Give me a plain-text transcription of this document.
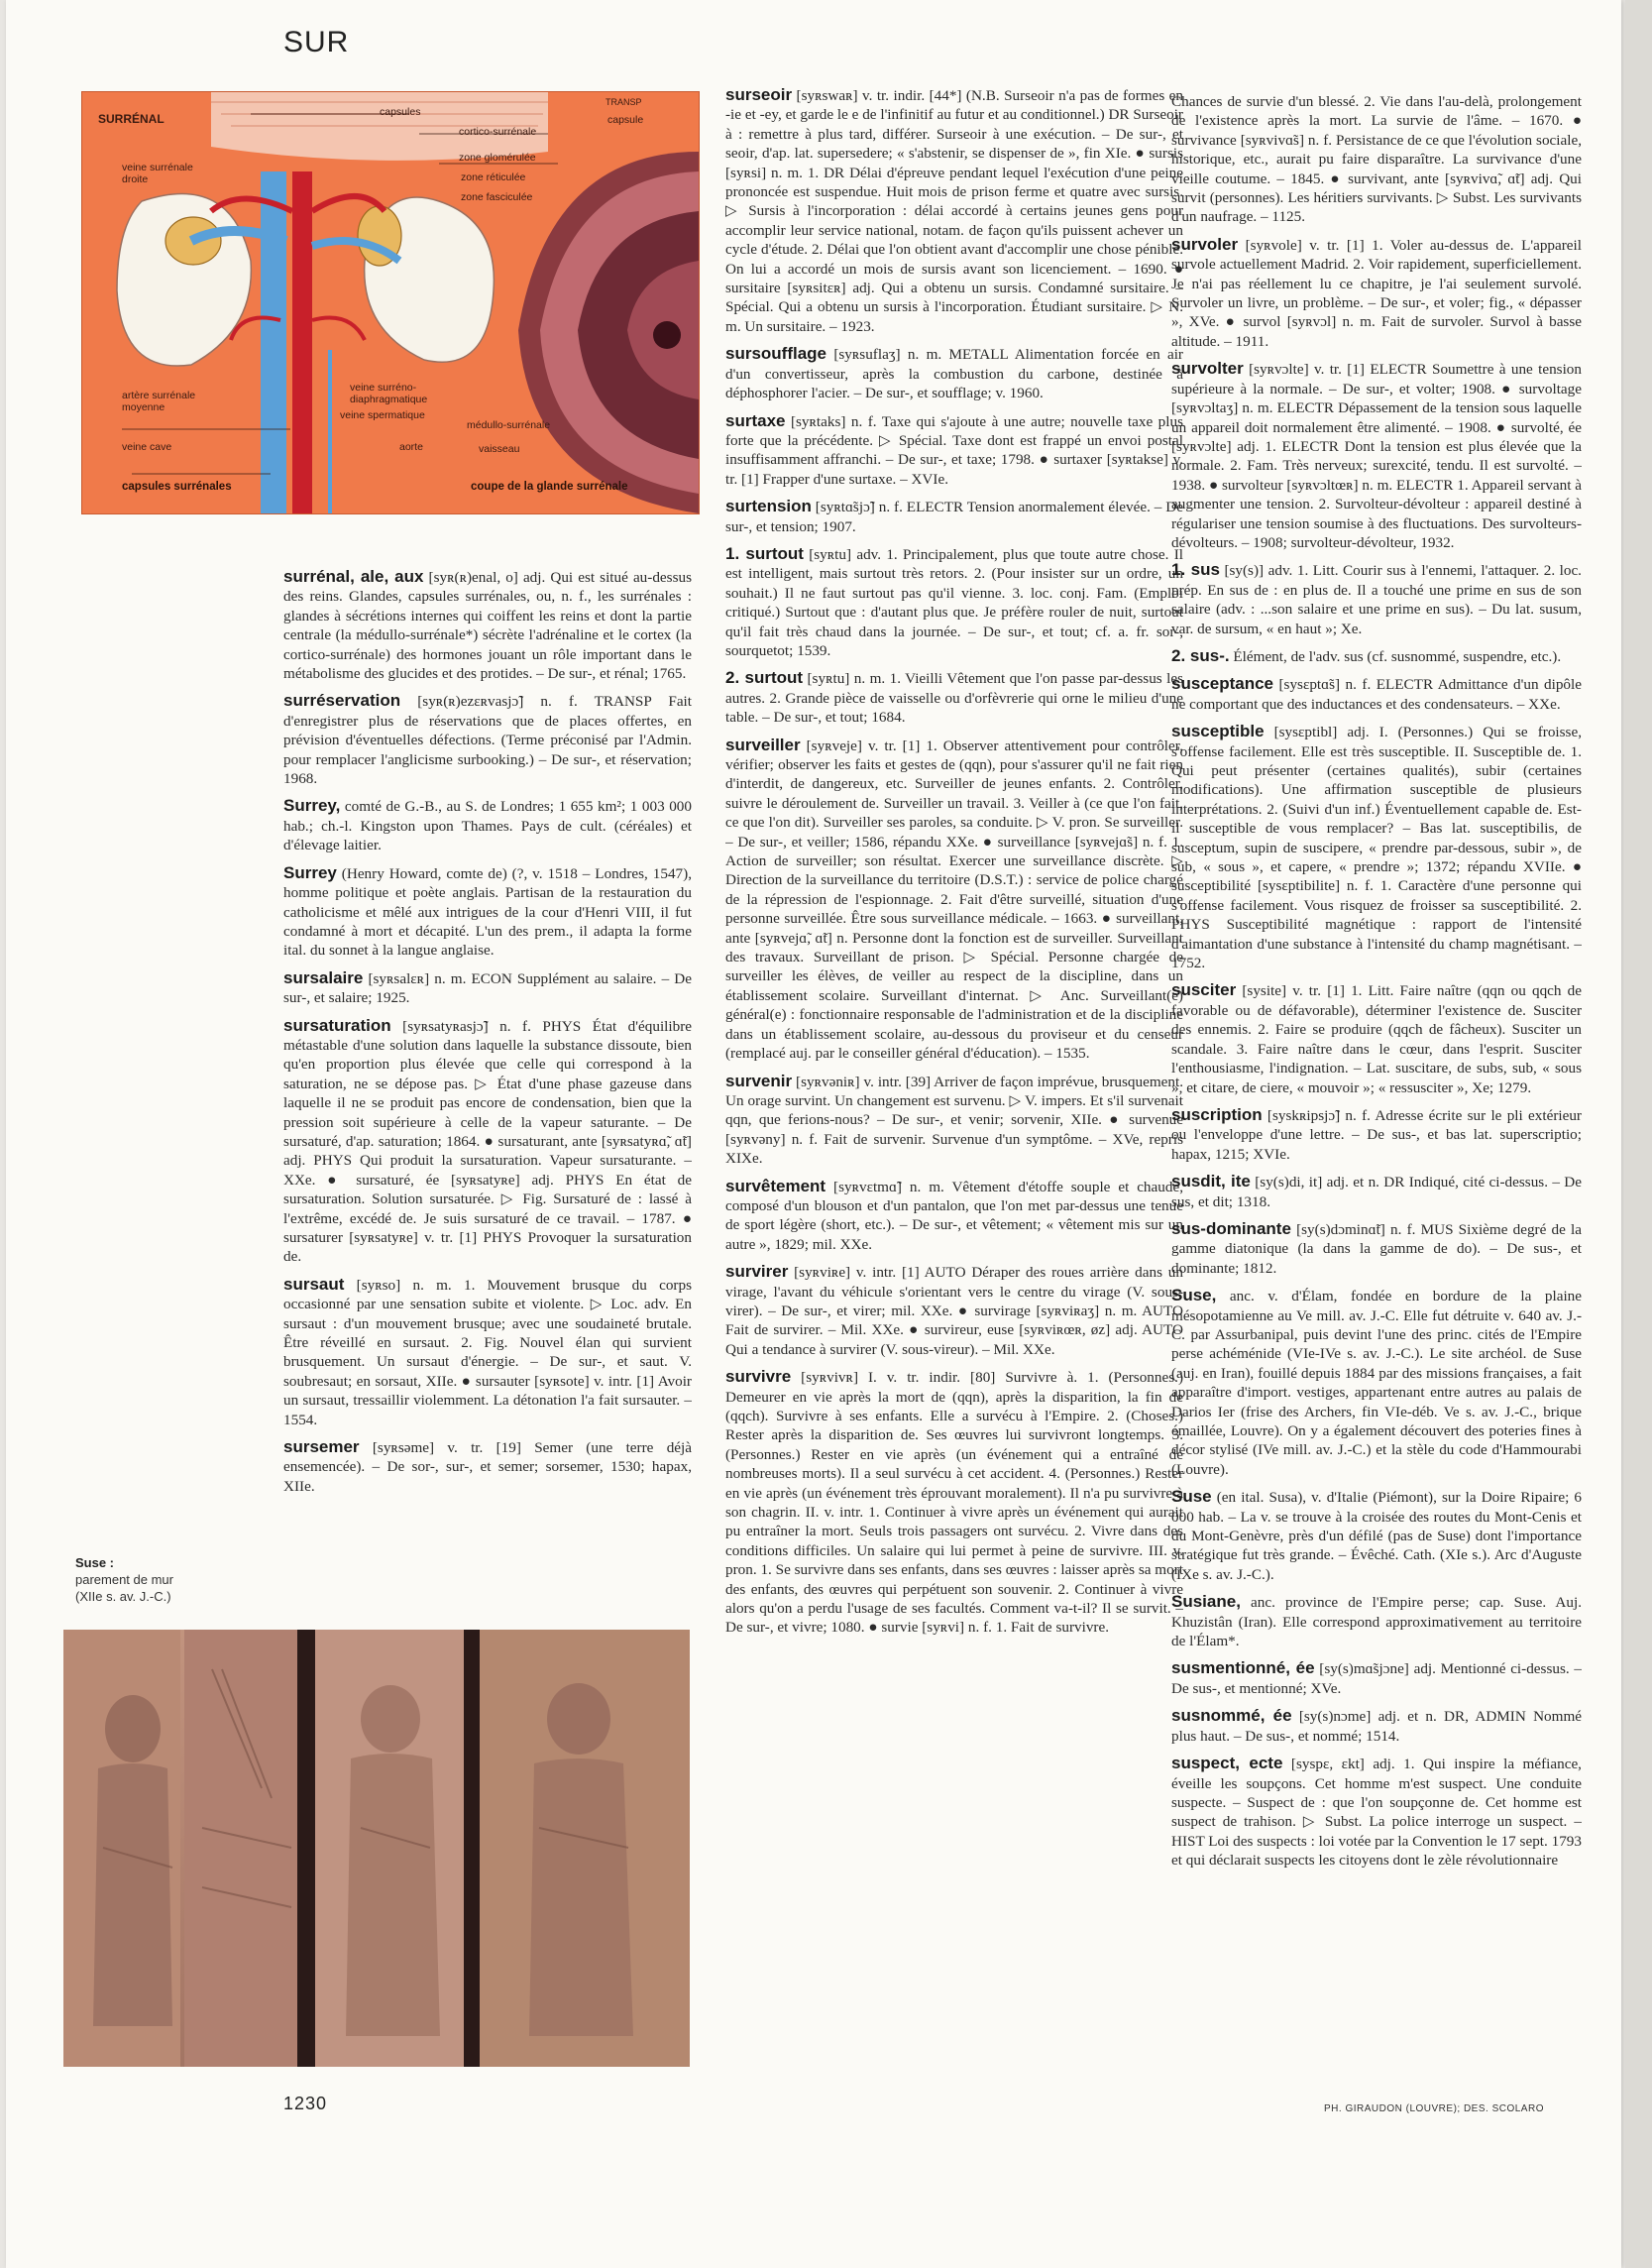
SUR
SURRÉNAL	capsules
cortico-surrénale
capsule
TRANSP
zone glomérulée
zone réticulée
zone fasciculée
veine surrénale droite
veine surréno-diaphragmatique
veine spermatique
artère surrénale moyenne
veine cave	aorte
médullo-surrénale
vaisseau
capsules surrénales	coupe de la glande surrénale

surrénal, ale, aux [syʀ(ʀ)enal, o] adj. Qui est situé au-dessus des reins. Glandes, capsules surrénales, ou, n. f., les surrénales : glandes à sécrétions internes qui coiffent les reins et dont la partie centrale (la médullo-surrénale*) sécrète l'adrénaline et le cortex (la cortico-surrénale) des hormones jouant un rôle important dans le métabolisme des glucides et des protides. – De sur-, et rénal; 1765.

surréservation [syʀ(ʀ)ezɛʀvasjɔ̃] n. f. TRANSP Fait d'enregistrer plus de réservations que de places offertes, en prévision d'éventuelles défections. (Terme préconisé par l'Admin. pour remplacer l'anglicisme surbooking.) – De sur-, et réservation; 1968.

Surrey, comté de G.-B., au S. de Londres; 1 655 km²; 1 003 000 hab.; ch.-l. Kingston upon Thames. Pays de cult. (céréales) et d'élevage laitier.

Surrey (Henry Howard, comte de) (?, v. 1518 – Londres, 1547), homme politique et poète anglais. Partisan de la restauration du catholicisme et mêlé aux intrigues de la cour d'Henri VIII, il fut condamné à mort et décapité. L'un des prem., il adapta la forme ital. du sonnet à la langue anglaise.

sursalaire [syʀsalɛʀ] n. m. ECON Supplément au salaire. – De sur-, et salaire; 1925.

sursaturation [syʀsatyʀasjɔ̃] n. f. PHYS État d'équilibre métastable d'une solution dans laquelle la substance dissoute, bien qu'en proportion plus élevée que celle qui correspond à la saturation, ne se dépose pas. ▷ État d'une phase gazeuse dans laquelle il ne se produit pas encore de condensation, bien que la pression soit supérieure à celle de la vapeur saturante. – De sursaturé, d'ap. saturation; 1864. ● sursaturant, ante [syʀsatyʀɑ̃, ɑ̃t] adj. PHYS Qui produit la sursaturation. Vapeur sursaturante. – XXe. ● sursaturé, ée [syʀsatyʀe] adj. PHYS En état de sursaturation. Solution sursaturée. ▷ Fig. Sursaturé de : lassé à l'extrême, excédé de. Je suis sursaturé de ce travail. – 1787. ● sursaturer [syʀsatyʀe] v. tr. [1] PHYS Provoquer la sursaturation de.

sursaut [syʀso] n. m. 1. Mouvement brusque du corps occasionné par une sensation subite et violente. ▷ Loc. adv. En sursaut : d'un mouvement brusque; avec une soudaineté brutale. Être réveillé en sursaut. 2. Fig. Nouvel élan qui survient brusquement. Un sursaut d'énergie. – De sur-, et saut. V. soubresaut; en sorsaut, XIIe. ● sursauter [syʀsote] v. intr. [1] Avoir un sursaut, tressaillir violemment. La détonation l'a fait sursauter. – 1554.

sursemer [syʀsəme] v. tr. [19] Semer (une terre déjà ensemencée). – De sor-, sur-, et semer; sorsemer, 1530; hapax, XIIe.

Suse :
parement de mur
(XIIe s. av. J.-C.)

surseoir [syʀswaʀ] v. tr. indir. [44*] (N.B. Surseoir n'a pas de formes en -ie et -ey, et garde le e de l'infinitif au futur et au conditionnel.) DR Surseoir à : remettre à plus tard, différer. Surseoir à une exécution. – De sur-, et seoir, d'ap. lat. supersedere; « s'abstenir, se dispenser de », fin XIe. ● sursis [syʀsi] n. m. 1. DR Délai d'épreuve pendant lequel l'exécution d'une peine prononcée est suspendue. Huit mois de prison ferme et quatre avec sursis. ▷ Sursis à l'incorporation : délai accordé à certains jeunes gens pour accomplir leur service national, notam. de façon qu'ils puissent achever un cycle d'étude. 2. Délai que l'on obtient avant d'accomplir une chose pénible. On lui a accordé un mois de sursis avant son licenciement. – 1690. ● sursitaire [syʀsitɛʀ] adj. Qui a obtenu un sursis. Condamné sursitaire. – Spécial. Qui a obtenu un sursis à l'incorporation. Étudiant sursitaire. ▷ N. m. Un sursitaire. – 1923.

sursoufflage [syʀsuflaʒ] n. m. METALL Alimentation forcée en air d'un convertisseur, après la combustion du carbone, destinée à déphosphorer l'acier. – De sur-, et soufflage; v. 1960.

surtaxe [syʀtaks] n. f. Taxe qui s'ajoute à une autre; nouvelle taxe plus forte que la précédente. ▷ Spécial. Taxe dont est frappé un envoi postal insuffisamment affranchi. – De sur-, et taxe; 1798. ● surtaxer [syʀtakse] v. tr. [1] Frapper d'une surtaxe. – XVIe.

surtension [syʀtɑ̃sjɔ̃] n. f. ELECTR Tension anormalement élevée. – De sur-, et tension; 1907.

1. surtout [syʀtu] adv. 1. Principalement, plus que toute autre chose. Il est intelligent, mais surtout très retors. 2. (Pour insister sur un ordre, un souhait.) Il ne faut surtout pas qu'il vienne. 3. loc. conj. Fam. (Emploi critiqué.) Surtout que : d'autant plus que. Je préfère rouler de nuit, surtout qu'il fait très chaud dans la journée. – De sur-, et tout; cf. a. fr. sor-, sourquetot; 1539.

2. surtout [syʀtu] n. m. 1. Vieilli Vêtement que l'on passe par-dessus les autres. 2. Grande pièce de vaisselle ou d'orfèvrerie qui orne le milieu d'une table. – De sur-, et tout; 1684.

surveiller [syʀveje] v. tr. [1] 1. Observer attentivement pour contrôler, vérifier; observer les faits et gestes de (qqn), pour s'assurer qu'il ne fait rien d'interdit, de dangereux, etc. Surveiller de jeunes enfants. 2. Contrôler, suivre le déroulement de. Surveiller un travail. 3. Veiller à (ce que l'on fait, ce que l'on dit). Surveiller ses paroles, sa conduite. ▷ V. pron. Se surveiller. – De sur-, et veiller; 1586, répandu XXe. ● surveillance [syʀvejɑ̃s] n. f. 1. Action de surveiller; son résultat. Exercer une surveillance discrète. ▷ Direction de la surveillance du territoire (D.S.T.) : service de police chargé de la répression de l'espionnage. 2. Fait d'être surveillé, situation d'une personne surveillée. Être sous surveillance médicale. – 1663. ● surveillant, ante [syʀvejɑ̃, ɑ̃t] n. Personne dont la fonction est de surveiller. Surveillant des travaux. Surveillant de prison. ▷ Spécial. Personne chargée de surveiller les élèves, de veiller au respect de la discipline, dans un établissement scolaire. Surveillant d'internat. ▷ Anc. Surveillant(e) général(e) : fonctionnaire responsable de l'administration et de la discipline dans un établissement scolaire, au-dessous du proviseur et du censeur (remplacé auj. par le conseiller général d'éducation). – 1535.

survenir [syʀvəniʀ] v. intr. [39] Arriver de façon imprévue, brusquement. Un orage survint. Un changement est survenu. ▷ V. impers. Et s'il survenait qqn, que ferions-nous? – De sur-, et venir; sorvenir, XIIe. ● survenue [syʀvəny] n. f. Fait de survenir. Survenue d'un symptôme. – XVe, repris XIXe.

survêtement [syʀvɛtmɑ̃] n. m. Vêtement d'étoffe souple et chaude, composé d'un blouson et d'un pantalon, que l'on met par-dessus une tenue de sport légère (short, etc.). – De sur-, et vêtement; « vêtement mis sur un autre », 1829; mil. XXe.

survirer [syʀviʀe] v. intr. [1] AUTO Déraper des roues arrière dans un virage, l'avant du véhicule s'orientant vers le centre du virage (V. sous-virer). – De sur-, et virer; mil. XXe. ● survirage [syʀviʀaʒ] n. m. AUTO Fait de survirer. – Mil. XXe. ● survireur, euse [syʀviʀœʀ, øz] adj. AUTO Qui a tendance à survirer (V. sous-vireur). – Mil. XXe.

survivre [syʀvivʀ] I. v. tr. indir. [80] Survivre à. 1. (Personnes.) Demeurer en vie après la mort de (qqn), après la disparition, la fin de (qqch). Survivre à ses enfants. Elle a survécu à l'Empire. 2. (Choses.) Rester après la disparition de. Ses œuvres lui survivront longtemps. 3. (Personnes.) Rester en vie après (un événement qui a entraîné de nombreuses morts). Il a seul survécu à cet accident. 4. (Personnes.) Rester en vie après (un événement très éprouvant moralement). Il n'a pu survivre à son chagrin. II. v. intr. 1. Continuer à vivre après un événement qui aurait pu entraîner la mort. Seuls trois passagers ont survécu. 2. Vivre dans des conditions difficiles. Un salaire qui lui permet à peine de survivre. III. v. pron. 1. Se survivre dans ses enfants, dans ses œuvres : laisser après sa mort des enfants, des œuvres qui perpétuent son souvenir. 2. Continuer à vivre alors qu'on a perdu l'usage de ses facultés. Comment va-t-il? Il se survit. – De sur-, et vivre; 1080. ● survie [syʀvi] n. f. 1. Fait de survivre.

Chances de survie d'un blessé. 2. Vie dans l'au-delà, prolongement de l'existence après la mort. La survie de l'âme. – 1670. ● survivance [syʀvivɑ̃s] n. f. Persistance de ce que l'évolution sociale, historique, etc., aurait pu faire disparaître. La survivance d'une vieille coutume. – 1845. ● survivant, ante [syʀvivɑ̃, ɑ̃t] adj. Qui survit (personnes). Les héritiers survivants. ▷ Subst. Les survivants d'un naufrage. – 1125.

survoler [syʀvole] v. tr. [1] 1. Voler au-dessus de. L'appareil survole actuellement Madrid. 2. Voir rapidement, superficiellement. Je n'ai pas réellement lu ce chapitre, je l'ai seulement survolé. Survoler un livre, un problème. – De sur-, et voler; fig., « dépasser », XVe. ● survol [syʀvɔl] n. m. Fait de survoler. Survol à basse altitude. – 1911.

survolter [syʀvɔlte] v. tr. [1] ELECTR Soumettre à une tension supérieure à la normale. – De sur-, et volter; 1908. ● survoltage [syʀvɔltaʒ] n. m. ELECTR Dépassement de la tension sous laquelle un appareil doit normalement être alimenté. – 1908. ● survolté, ée [syʀvɔlte] adj. 1. ELECTR Dont la tension est plus élevée que la normale. 2. Fam. Très nerveux; surexcité, tendu. Il est survolté. – 1938. ● survolteur [syʀvɔltœʀ] n. m. ELECTR 1. Appareil servant à augmenter une tension. 2. Survolteur-dévolteur : appareil destiné à régulariser une tension soumise à des fluctuations. Des survolteurs-dévolteurs. – 1908; survolteur-dévolteur, 1932.

1. sus [sy(s)] adv. 1. Litt. Courir sus à l'ennemi, l'attaquer. 2. loc. prép. En sus de : en plus de. Il a touché une prime en sus de son salaire (adv. : ...son salaire et une prime en sus). – Du lat. susum, var. de sursum, « en haut »; Xe.

2. sus-. Élément, de l'adv. sus (cf. susnommé, suspendre, etc.).

susceptance [sysɛptɑ̃s] n. f. ELECTR Admittance d'un dipôle ne comportant que des inductances et des condensateurs. – XXe.

susceptible [sysɛptibl] adj. I. (Personnes.) Qui se froisse, s'offense facilement. Elle est très susceptible. II. Susceptible de. 1. Qui peut présenter (certaines qualités), subir (certaines modifications). Une affirmation susceptible de plusieurs interprétations. 2. (Suivi d'un inf.) Éventuellement capable de. Est-il susceptible de vous remplacer? – Bas lat. susceptibilis, de susceptum, supin de suscipere, « prendre par-dessous, subir », de sub, « sous », et capere, « prendre »; 1372; répandu XVIIe. ● susceptibilité [sysɛptibilite] n. f. 1. Caractère d'une personne qui s'offense facilement. Vous risquez de froisser sa susceptibilité. 2. PHYS Susceptibilité magnétique : rapport de l'intensité d'aimantation d'une substance à l'intensité du champ magnétisant. – 1752.

susciter [sysite] v. tr. [1] 1. Litt. Faire naître (qqn ou qqch de favorable ou de défavorable), déterminer l'existence de. Susciter des ennemis. 2. Faire se produire (qqch de fâcheux). Susciter un scandale. 3. Faire naître dans le cœur, dans l'esprit. Susciter l'enthousiasme, l'indignation. – Lat. suscitare, de subs, sub, « sous », et citare, de ciere, « mouvoir »; « ressusciter », Xe; 1279.

suscription [syskʀipsjɔ̃] n. f. Adresse écrite sur le pli extérieur ou l'enveloppe d'une lettre. – De sus-, et bas lat. superscriptio; hapax, 1215; XVIe.

susdit, ite [sy(s)di, it] adj. et n. DR Indiqué, cité ci-dessus. – De sus, et dit; 1318.

sus-dominante [sy(s)dɔminɑ̃t] n. f. MUS Sixième degré de la gamme diatonique (la dans la gamme de do). – De sus-, et dominante; 1812.

Suse, anc. v. d'Élam, fondée en bordure de la plaine mésopotamienne au Ve mill. av. J.-C. Elle fut détruite v. 640 av. J.-C. par Assurbanipal, puis devint l'une des princ. cités de l'Empire perse achéménide (VIe-IVe s. av. J.-C.). Le site archéol. de Suse (auj. en Iran), fouillé depuis 1884 par des missions françaises, a fait apparaître d'import. vestiges, appartenant entre autres au palais de Darios Ier (frise des Archers, fin VIe-déb. Ve s. av. J.-C., brique émaillée, Louvre). On y a également découvert des poteries fines à décor stylisé (IVe mill. av. J.-C.) et la stèle du code d'Hammourabi (Louvre).

Suse (en ital. Susa), v. d'Italie (Piémont), sur la Doire Ripaire; 6 000 hab. – La v. se trouve à la croisée des routes du Mont-Cenis et du Mont-Genèvre, près d'un défilé (pas de Suse) dont l'importance stratégique fut très grande. – Évêché. Cath. (XIe s.). Arc d'Auguste (IXe s. av. J.-C.).

Susiane, anc. province de l'Empire perse; cap. Suse. Auj. Khuzistân (Iran). Elle correspond approximativement au territoire de l'Élam*.

susmentionné, ée [sy(s)mɑ̃sjɔne] adj. Mentionné ci-dessus. – De sus-, et mentionné; XVe.

susnommé, ée [sy(s)nɔme] adj. et n. DR, ADMIN Nommé plus haut. – De sus-, et nommé; 1514.

suspect, ecte [syspɛ, ɛkt] adj. 1. Qui inspire la méfiance, éveille les soupçons. Cet homme m'est suspect. Une conduite suspecte. – Suspect de : que l'on soupçonne de. Cet homme est suspect de trahison. ▷ Subst. La police interroge un suspect. – HIST Loi des suspects : loi votée par la Convention le 17 sept. 1793 et qui déclarait suspects les citoyens dont le zèle révolutionnaire

1230	PH. GIRAUDON (LOUVRE); DES. SCOLARO
